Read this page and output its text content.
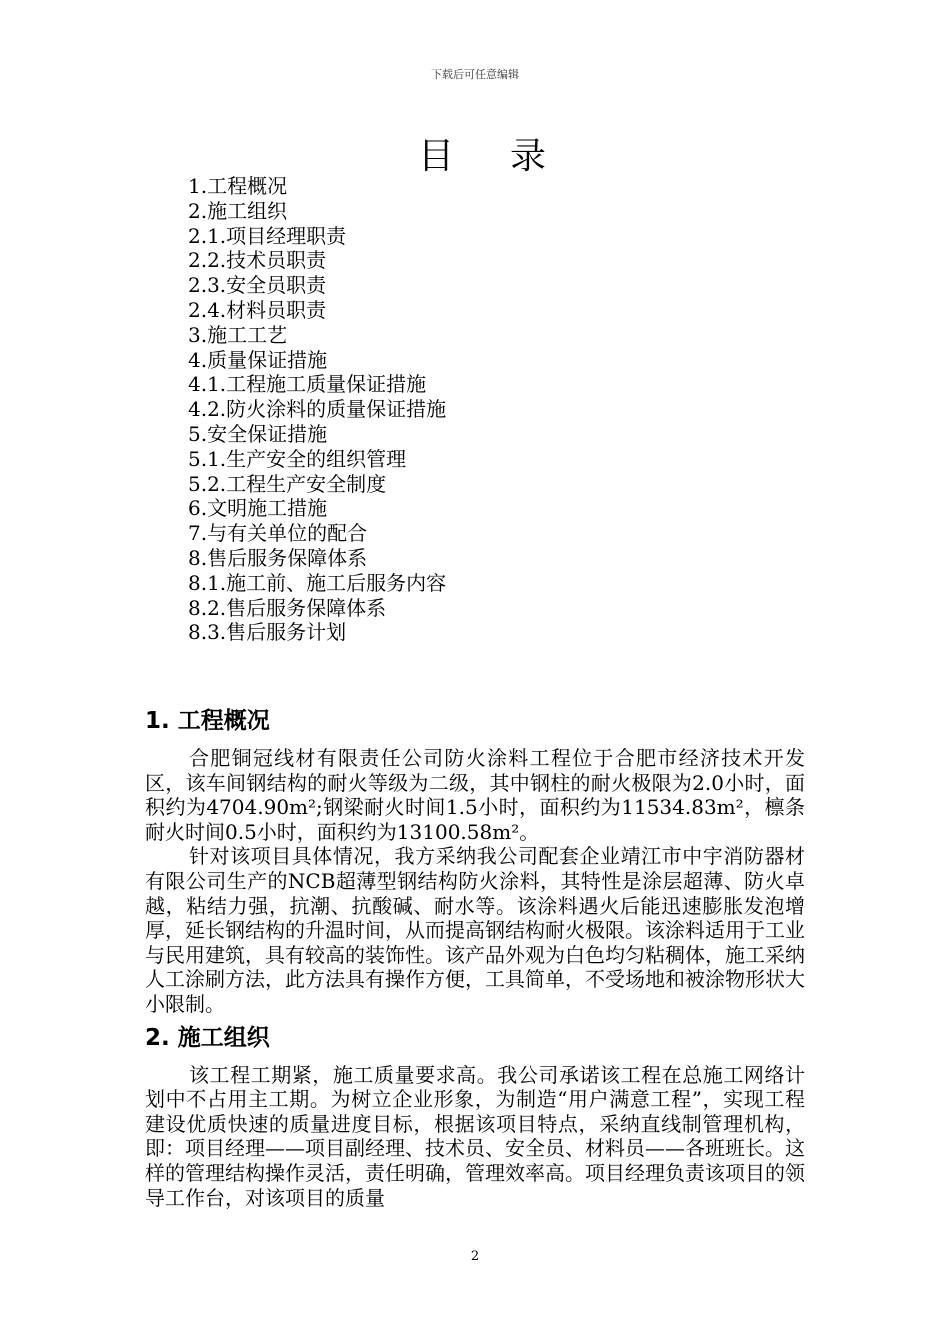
下载后可任意编辑
目录
1.工程概况
2.施工组织
2.1.项目经理职责
2.2.技术员职责
2.3.安全员职责
2.4.材料员职责
3.施工工艺
4.质量保证措施
4.1.工程施工质量保证措施
4.2.防火涂料的质量保证措施
5.安全保证措施
5.1.生产安全的组织管理
5.2.工程生产安全制度
6.文明施工措施
7.与有关单位的配合
8.售后服务保障体系
8.1.施工前、施工后服务内容
8.2.售后服务保障体系
8.3.售后服务计划
1. 工程概况

合肥铜冠线材有限责任公司防火涂料工程位于合肥市经济技术开发区，该车间钢结构的耐火等级为二级，其中钢柱的耐火极限为2.0小时，面积约为4704.90m²;钢梁耐火时间1.5小时，面积约为11534.83m²，檩条耐火时间0.5小时，面积约为13100.58m²。

针对该项目具体情况，我方采纳我公司配套企业靖江市中宇消防器材有限公司生产的NCB超薄型钢结构防火涂料，其特性是涂层超薄、防火卓越，粘结力强，抗潮、抗酸碱、耐水等。该涂料遇火后能迅速膨胀发泡增厚，延长钢结构的升温时间，从而提高钢结构耐火极限。该涂料适用于工业与民用建筑，具有较高的装饰性。该产品外观为白色均匀粘稠体，施工采纳人工涂刷方法，此方法具有操作方便，工具简单，不受场地和被涂物形状大小限制。

2. 施工组织

该工程工期紧，施工质量要求高。我公司承诺该工程在总施工网络计划中不占用主工期。为树立企业形象，为制造“用户满意工程”，实现工程建设优质快速的质量进度目标，根据该项目特点，采纳直线制管理机构，即：项目经理——项目副经理、技术员、安全员、材料员——各班班长。这样的管理结构操作灵活，责任明确，管理效率高。项目经理负责该项目的领导工作台，对该项目的质量

2
